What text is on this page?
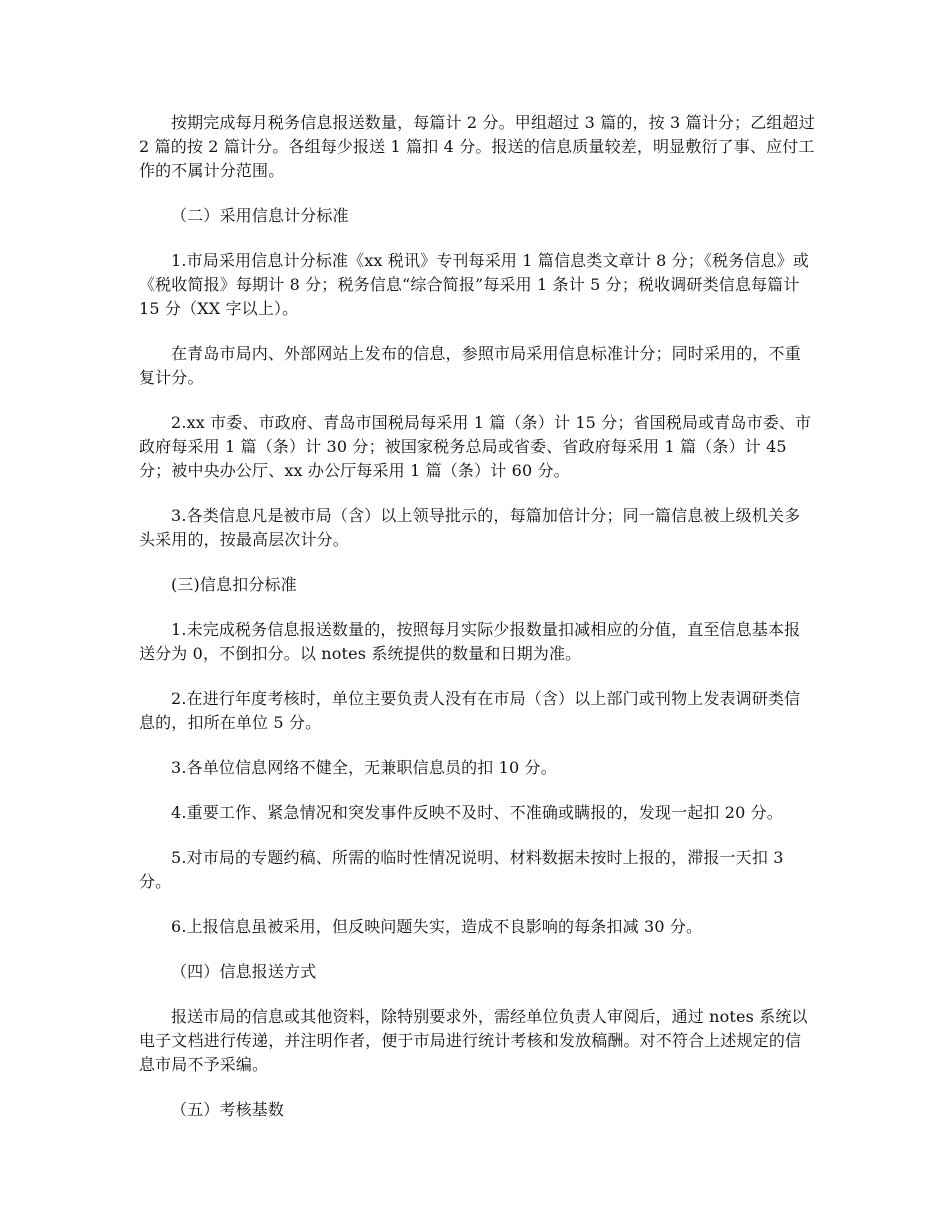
按期完成每月税务信息报送数量，每篇计 2 分。甲组超过 3 篇的，按 3 篇计分；乙组超过 2 篇的按 2 篇计分。各组每少报送 1 篇扣 4 分。报送的信息质量较差，明显敷衍了事、应付工作的不属计分范围。

（二）采用信息计分标准

1.市局采用信息计分标准《xx 税讯》专刊每采用 1 篇信息类文章计 8 分；《税务信息》或《税收简报》每期计 8 分；税务信息“综合简报”每采用 1 条计 5 分；税收调研类信息每篇计 15 分（XX 字以上）。

在青岛市局内、外部网站上发布的信息，参照市局采用信息标准计分；同时采用的，不重复计分。

2.xx 市委、市政府、青岛市国税局每采用 1 篇（条）计 15 分；省国税局或青岛市委、市政府每采用 1 篇（条）计 30 分；被国家税务总局或省委、省政府每采用 1 篇（条）计 45 分；被中央办公厅、xx 办公厅每采用 1 篇（条）计 60 分。

3.各类信息凡是被市局（含）以上领导批示的，每篇加倍计分；同一篇信息被上级机关多头采用的，按最高层次计分。

(三)信息扣分标准

1.未完成税务信息报送数量的，按照每月实际少报数量扣减相应的分值，直至信息基本报送分为 0，不倒扣分。以 notes 系统提供的数量和日期为准。

2.在进行年度考核时，单位主要负责人没有在市局（含）以上部门或刊物上发表调研类信息的，扣所在单位 5 分。

3.各单位信息网络不健全，无兼职信息员的扣 10 分。

4.重要工作、紧急情况和突发事件反映不及时、不准确或瞒报的，发现一起扣 20 分。

5.对市局的专题约稿、所需的临时性情况说明、材料数据未按时上报的，滞报一天扣 3 分。

6.上报信息虽被采用，但反映问题失实，造成不良影响的每条扣减 30 分。

（四）信息报送方式

报送市局的信息或其他资料，除特别要求外，需经单位负责人审阅后，通过 notes 系统以电子文档进行传递，并注明作者，便于市局进行统计考核和发放稿酬。对不符合上述规定的信息市局不予采编。

（五）考核基数
